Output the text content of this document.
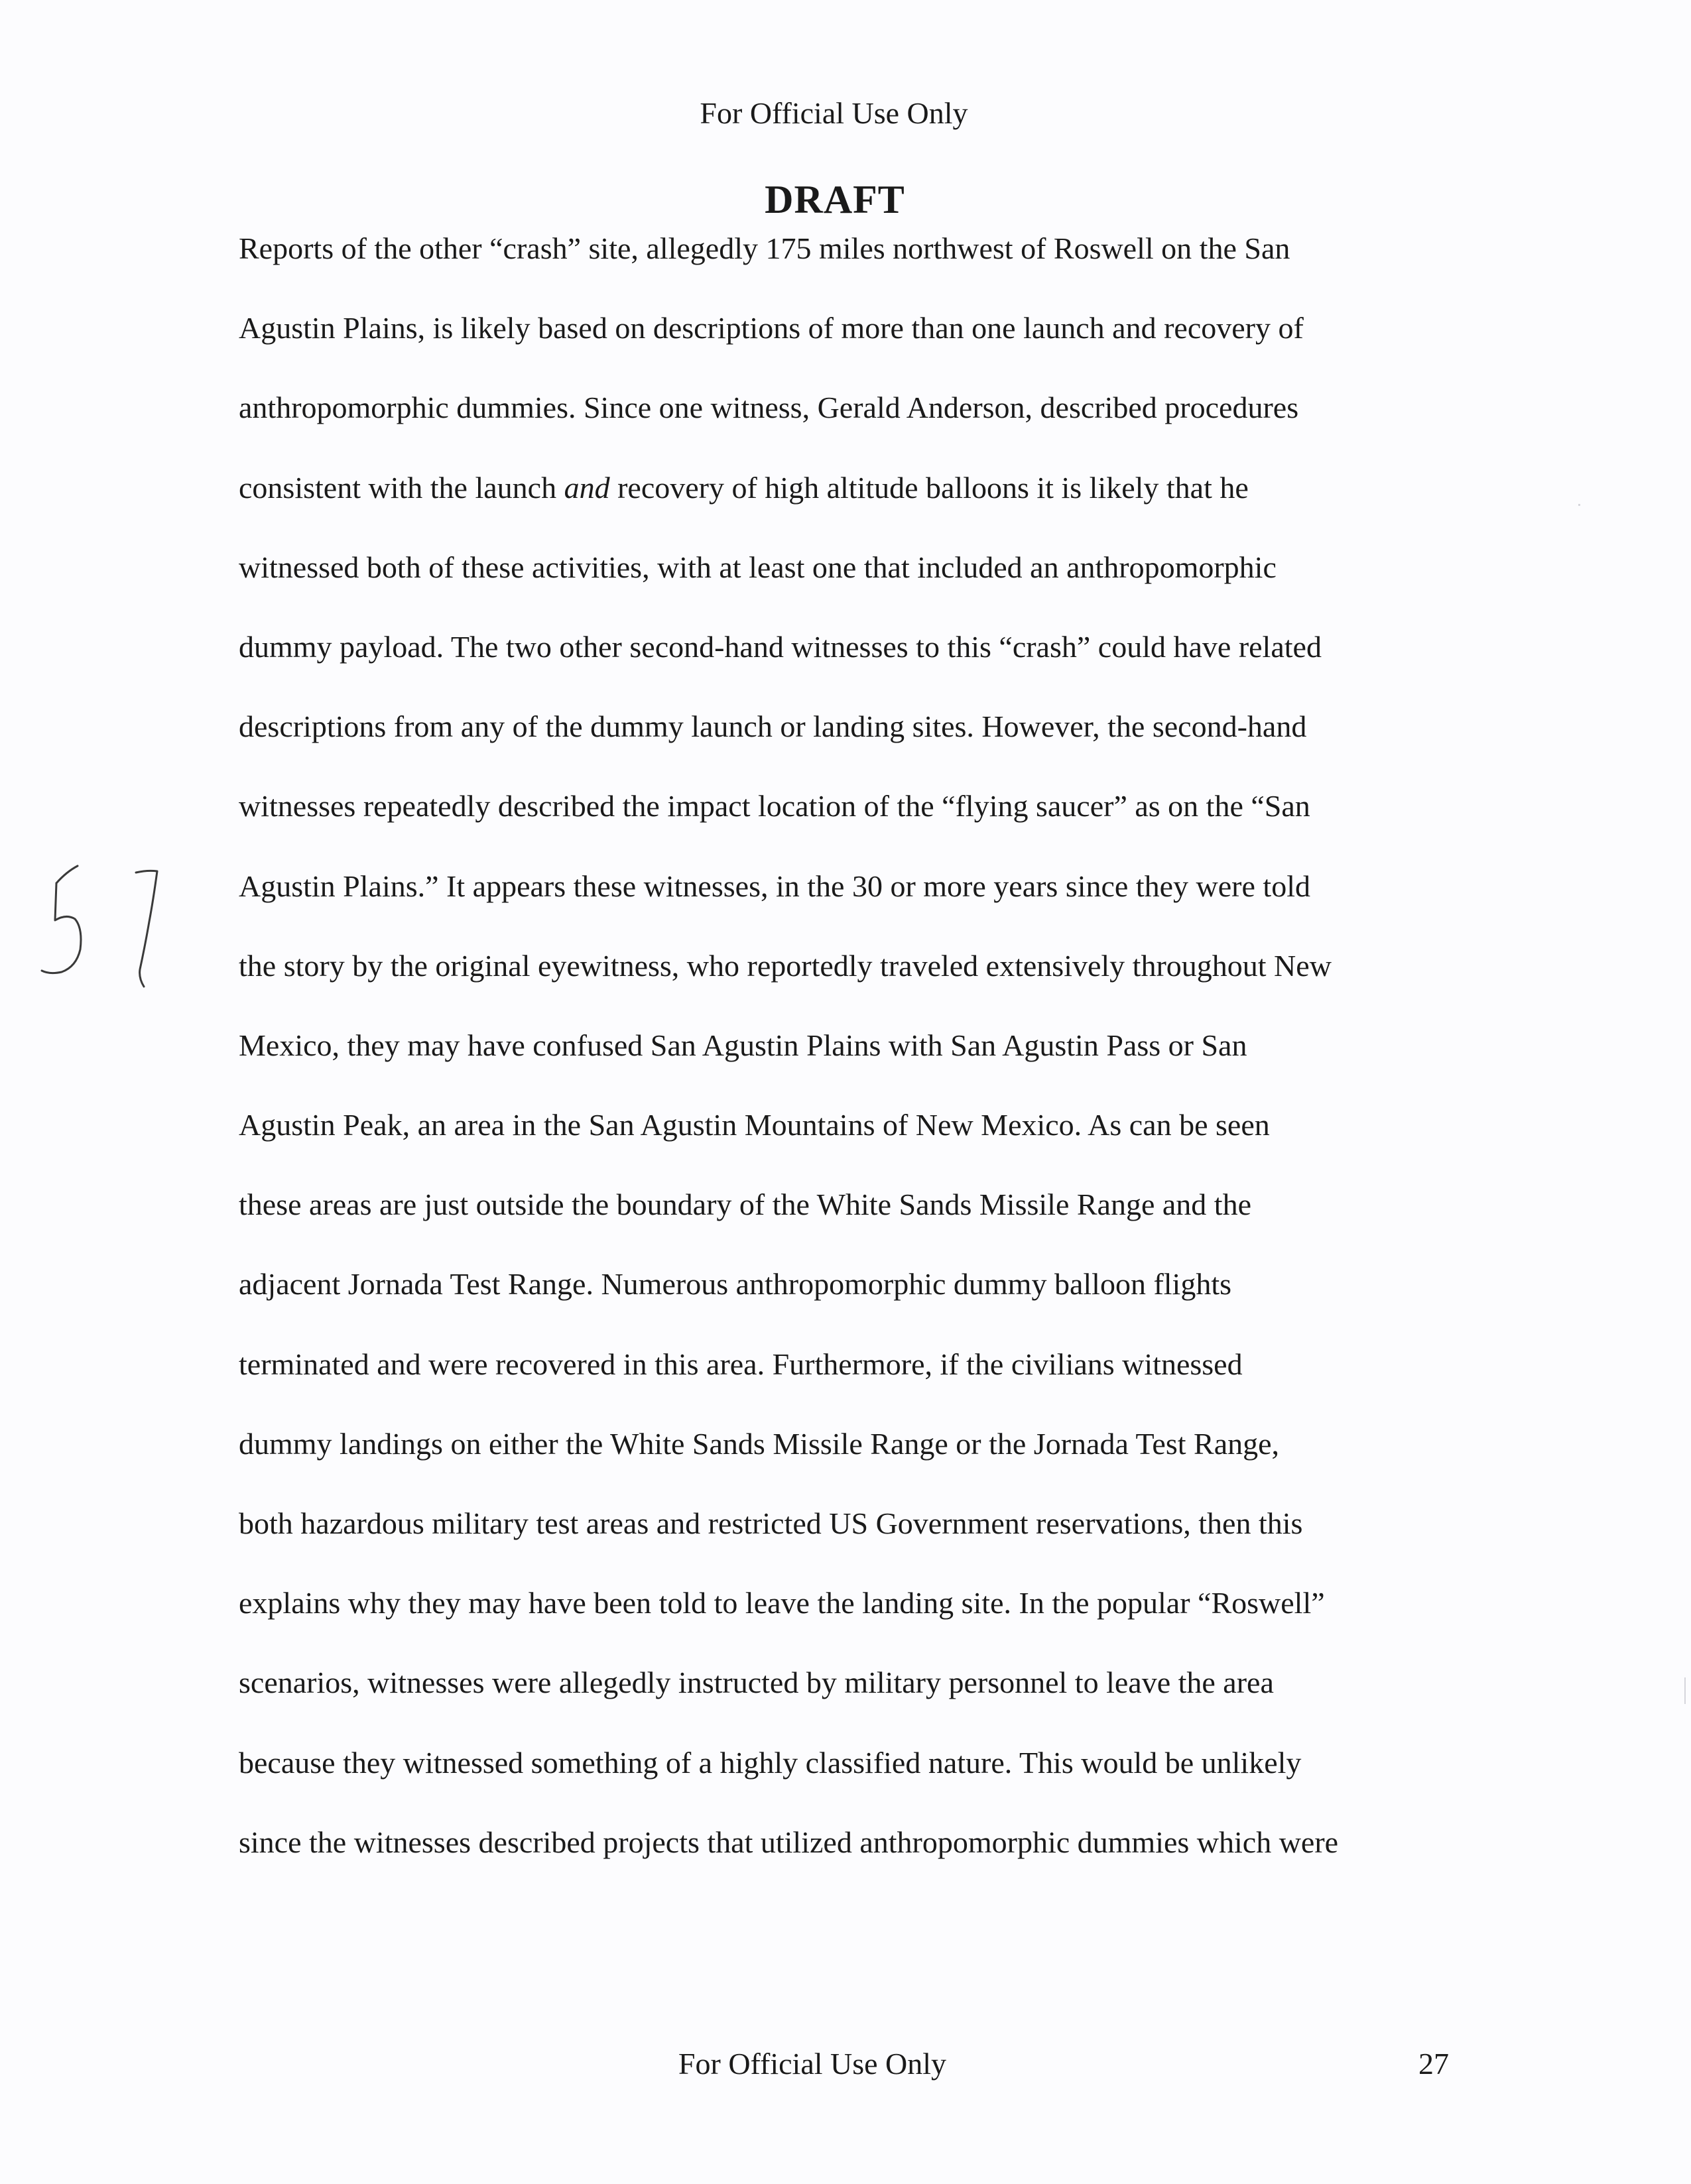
For Official Use Only
DRAFT
Reports of the other “crash” site, allegedly 175 miles northwest of Roswell on the San
Agustin Plains, is likely based on descriptions of more than one launch and recovery of
anthropomorphic dummies. Since one witness, Gerald Anderson, described procedures
consistent with the launch and recovery of high altitude balloons it is likely that he
witnessed both of these activities, with at least one that included an anthropomorphic
dummy payload. The two other second-hand witnesses to this “crash” could have related
descriptions from any of the dummy launch or landing sites. However, the second-hand
witnesses repeatedly described the impact location of the “flying saucer” as on the “San
Agustin Plains.” It appears these witnesses, in the 30 or more years since they were told
the story by the original eyewitness, who reportedly traveled extensively throughout New
Mexico, they may have confused San Agustin Plains with San Agustin Pass or San
Agustin Peak, an area in the San Agustin Mountains of New Mexico. As can be seen
these areas are just outside the boundary of the White Sands Missile Range and the
adjacent Jornada Test Range. Numerous anthropomorphic dummy balloon flights
terminated and were recovered in this area. Furthermore, if the civilians witnessed
dummy landings on either the White Sands Missile Range or the Jornada Test Range,
both hazardous military test areas and restricted US Government reservations, then this
explains why they may have been told to leave the landing site. In the popular “Roswell”
scenarios, witnesses were allegedly instructed by military personnel to leave the area
because they witnessed something of a highly classified nature. This would be unlikely
since the witnesses described projects that utilized anthropomorphic dummies which were
For Official Use Only	27
